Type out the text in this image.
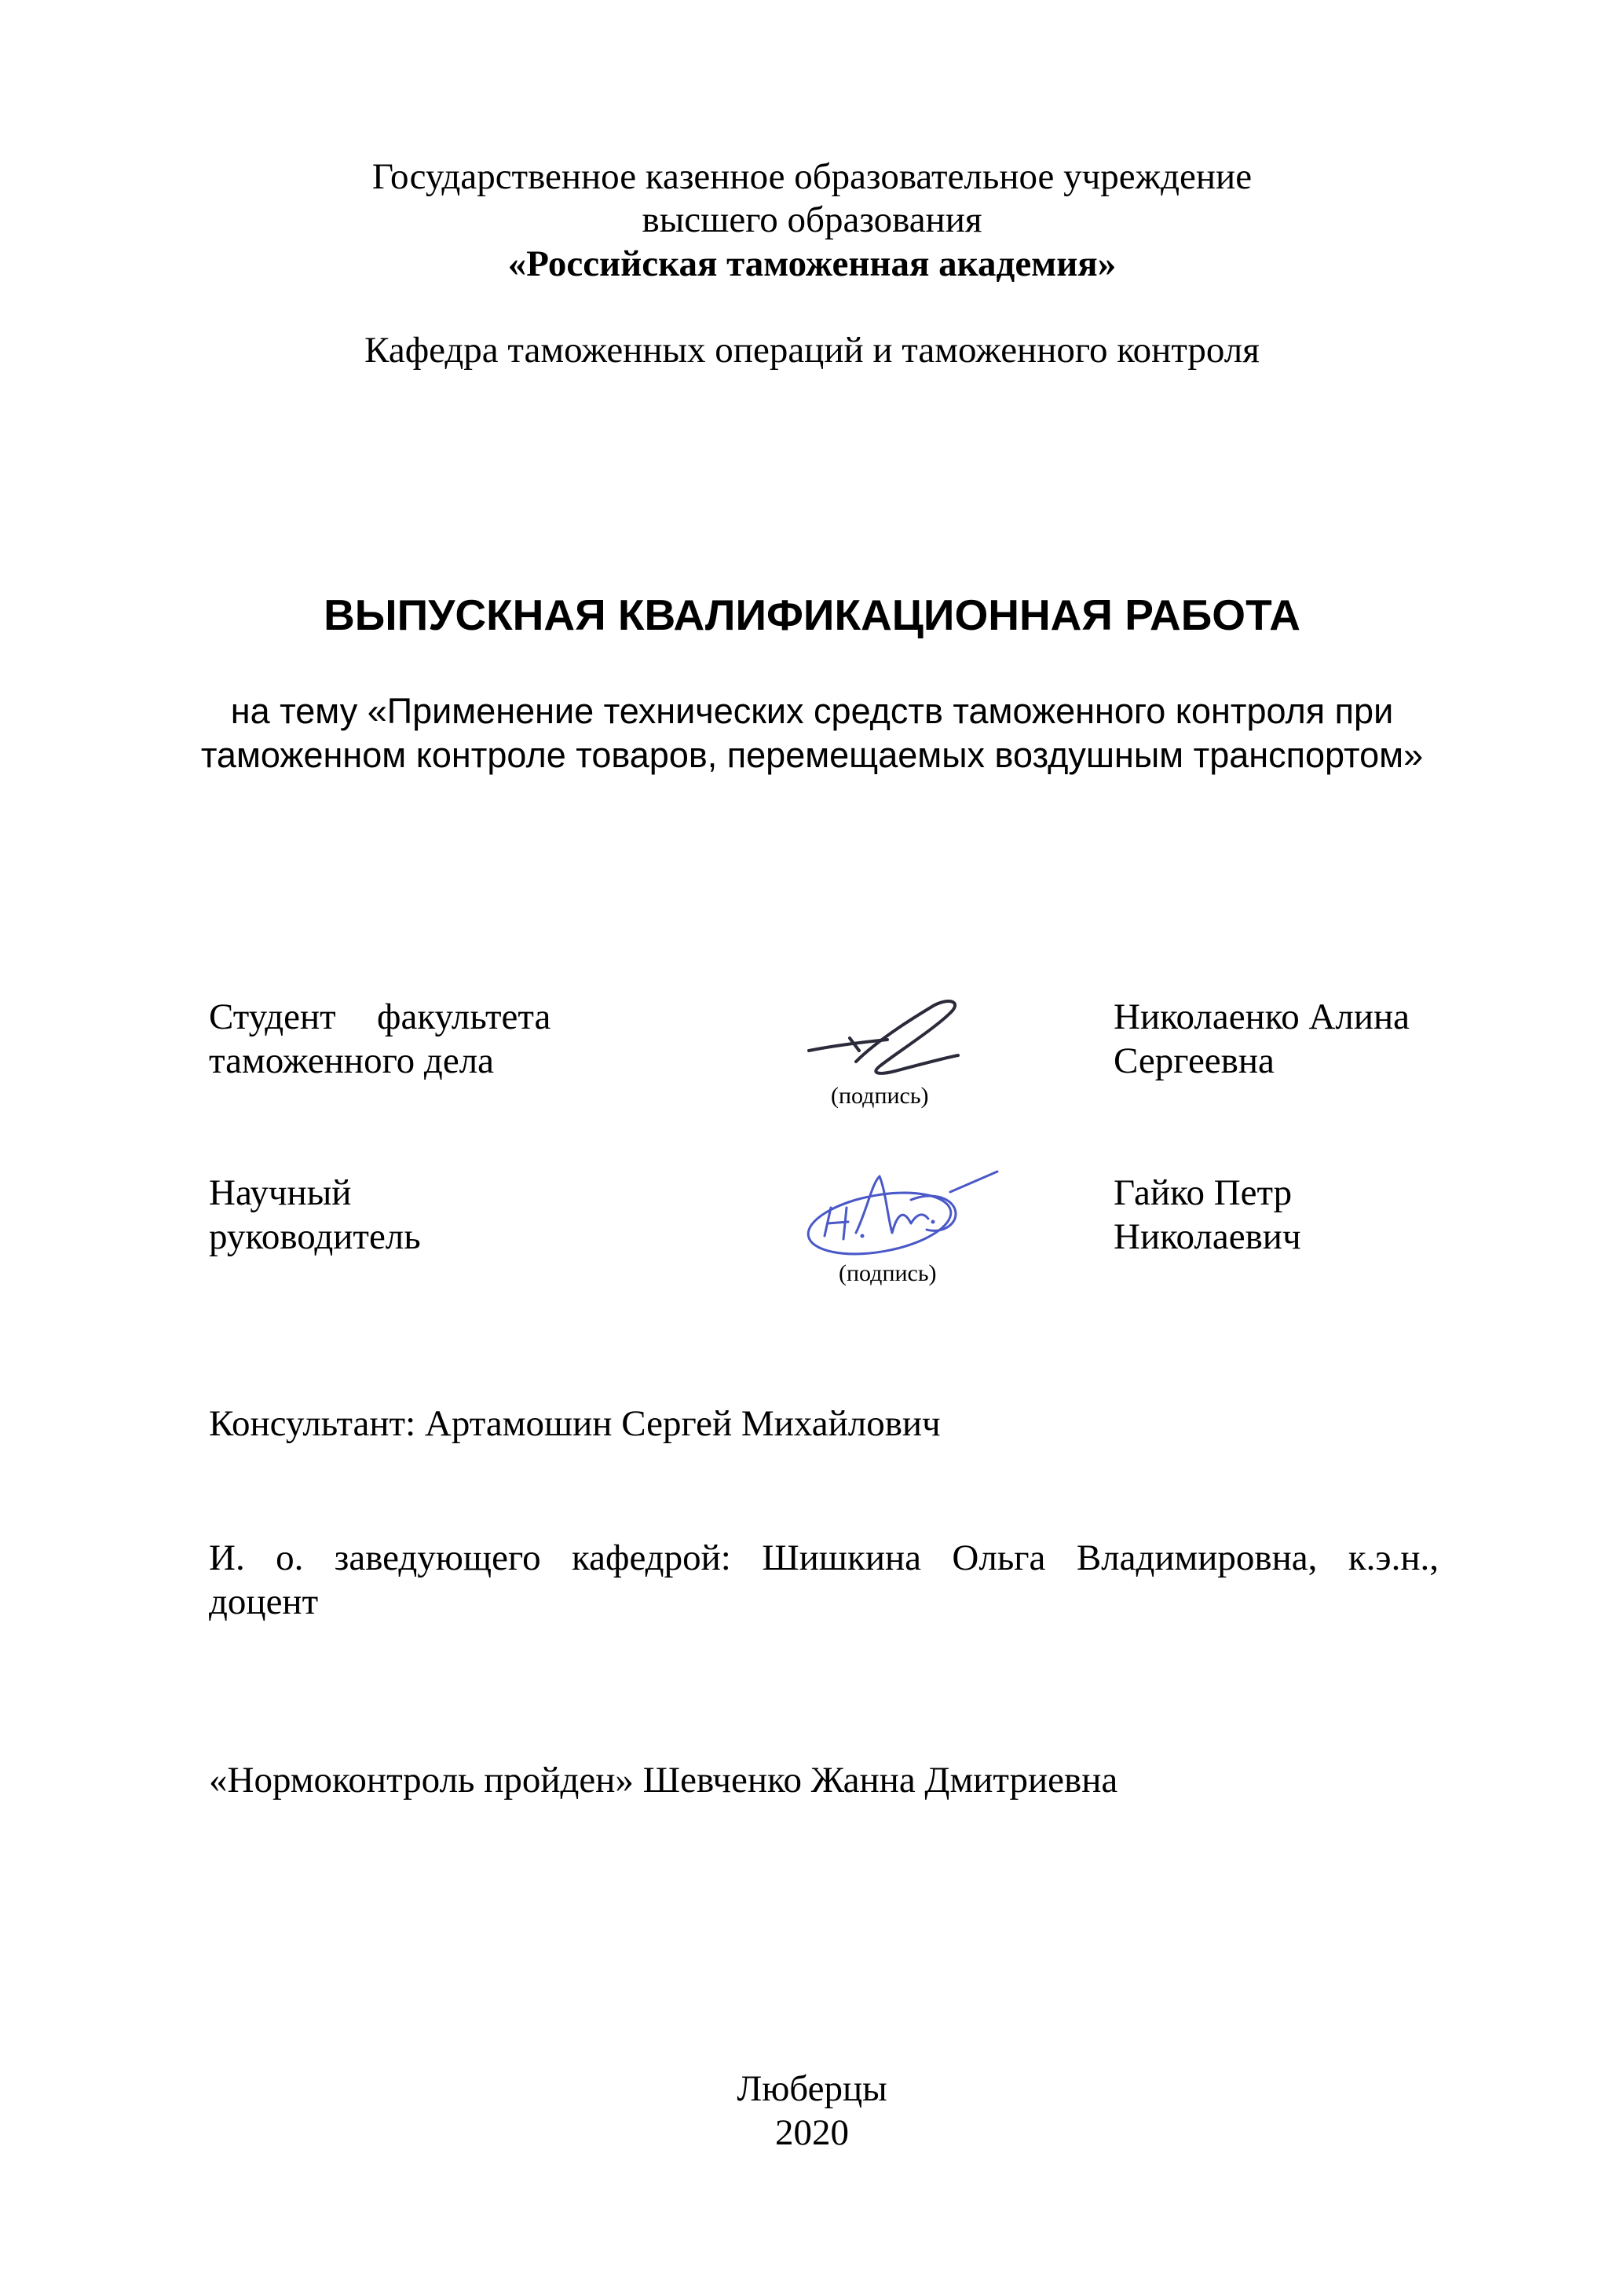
Государственное казенное образовательное учреждение
высшего образования
«Российская таможенная академия»
Кафедра таможенных операций и таможенного контроля
ВЫПУСКНАЯ КВАЛИФИКАЦИОННАЯ РАБОТА
на тему «Применение технических средств таможенного контроля при
таможенном контроле товаров, перемещаемых воздушным транспортом»
Студент факультета
таможенного дела
(подпись)
Николаенко Алина
Сергеевна
Научный
руководитель
(подпись)
Гайко Петр
Николаевич
Консультант: Артамошин Сергей Михайлович
И. о. заведующего кафедрой: Шишкина Ольга Владимировна, к.э.н.,
доцент
«Нормоконтроль пройден» Шевченко Жанна Дмитриевна
Люберцы
2020
